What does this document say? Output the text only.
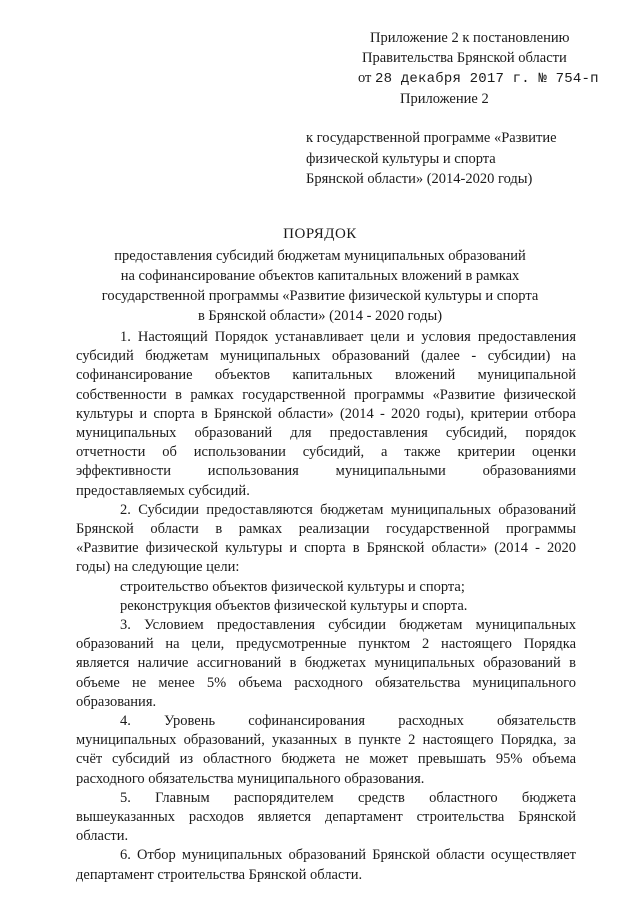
Приложение 2 к постановлению
Правительства Брянской области
от 28 декабря 2017 г. № 754-п
Приложение 2
к государственной программе «Развитие
физической культуры и спорта
Брянской области» (2014-2020 годы)
ПОРЯДОК
предоставления субсидий бюджетам муниципальных образований
на софинансирование объектов капитальных вложений в рамках
государственной программы «Развитие физической культуры и спорта
в Брянской области» (2014 - 2020 годы)
1. Настоящий Порядок устанавливает цели и условия предоставления
субсидий бюджетам муниципальных образований (далее - субсидии) на
софинансирование объектов капитальных вложений муниципальной
собственности в рамках государственной программы «Развитие физической
культуры и спорта в Брянской области» (2014 - 2020 годы), критерии отбора
муниципальных образований для предоставления субсидий, порядок
отчетности об использовании субсидий, а также критерии оценки
эффективности использования муниципальными образованиями
предоставляемых субсидий.
2. Субсидии предоставляются бюджетам муниципальных образований
Брянской области в рамках реализации государственной программы
«Развитие физической культуры и спорта в Брянской области» (2014 - 2020
годы) на следующие цели:
строительство объектов физической культуры и спорта;
реконструкция объектов физической культуры и спорта.
3. Условием предоставления субсидии бюджетам муниципальных
образований на цели, предусмотренные пунктом 2 настоящего Порядка
является наличие ассигнований в бюджетах муниципальных образований в
объеме не менее 5% объема расходного обязательства муниципального
образования.
4. Уровень софинансирования расходных обязательств
муниципальных образований, указанных в пункте 2 настоящего Порядка, за
счёт субсидий из областного бюджета не может превышать 95% объема
расходного обязательства муниципального образования.
5. Главным распорядителем средств областного бюджета
вышеуказанных расходов является департамент строительства Брянской
области.
6. Отбор муниципальных образований Брянской области осуществляет
департамент строительства Брянской области.
